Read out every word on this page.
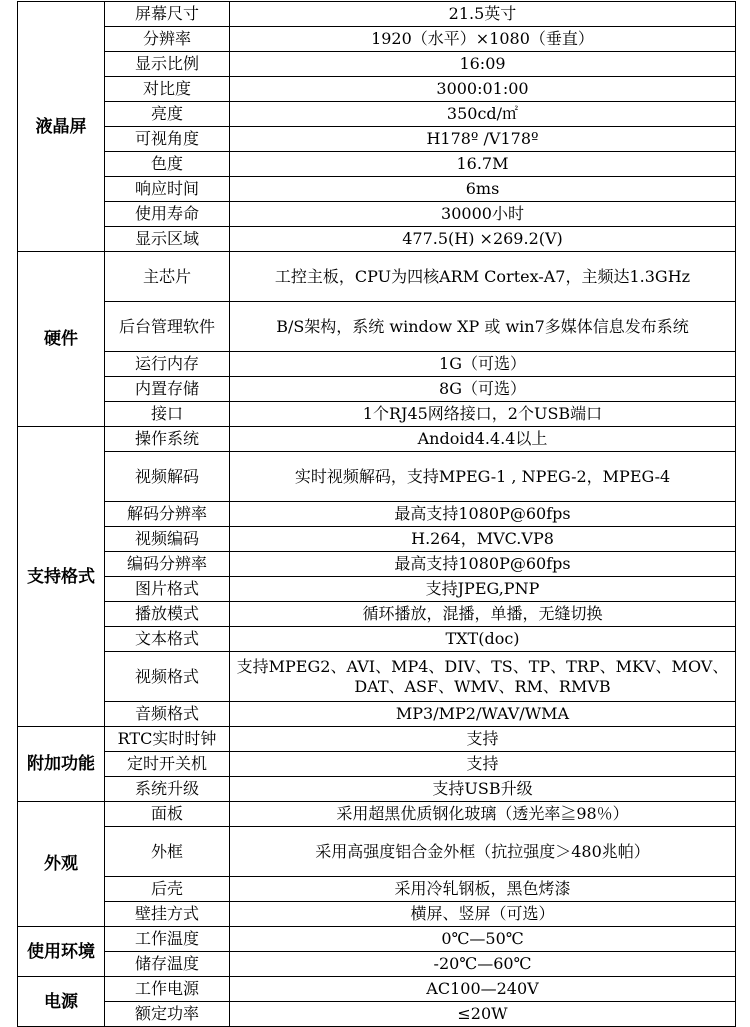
液晶屏	屏幕尺寸	21.5英寸
	分辨率	1920（水平）×1080（垂直）
	显示比例	16:09
	对比度	3000:01:00
	亮度	350cd/㎡
	可视角度	H178º /V178º
	色度	16.7M
	响应时间	6ms
	使用寿命	30000小时
	显示区域	477.5(H) ×269.2(V)
硬件	主芯片	工控主板，CPU为四核ARM Cortex-A7，主频达1.3GHz
	后台管理软件	B/S架构，系统 window XP 或 win7多媒体信息发布系统
	运行内存	1G（可选）
	内置存储	8G（可选）
	接口	1个RJ45网络接口，2个USB端口
支持格式	操作系统	Andoid4.4.4以上
	视频解码	实时视频解码，支持MPEG-1 , NPEG-2，MPEG-4
	解码分辨率	最高支持1080P@60fps
	视频编码	H.264，MVC.VP8
	编码分辨率	最高支持1080P@60fps
	图片格式	支持JPEG,PNP
	播放模式	循环播放，混播，单播，无缝切换
	文本格式	TXT(doc)
	视频格式	支持MPEG2、AVI、MP4、DIV、TS、TP、TRP、MKV、MOV、DAT、ASF、WMV、RM、RMVB
	音频格式	MP3/MP2/WAV/WMA
附加功能	RTC实时时钟	支持
	定时开关机	支持
	系统升级	支持USB升级
外观	面板	采用超黑优质钢化玻璃（透光率≧98％）
	外框	采用高强度铝合金外框（抗拉强度＞480兆帕）
	后壳	采用冷轧钢板，黑色烤漆
	壁挂方式	横屏、竖屏（可选）
使用环境	工作温度	0℃—50℃
	储存温度	-20℃—60℃
电源	工作电源	AC100—240V
	额定功率	≤20W
